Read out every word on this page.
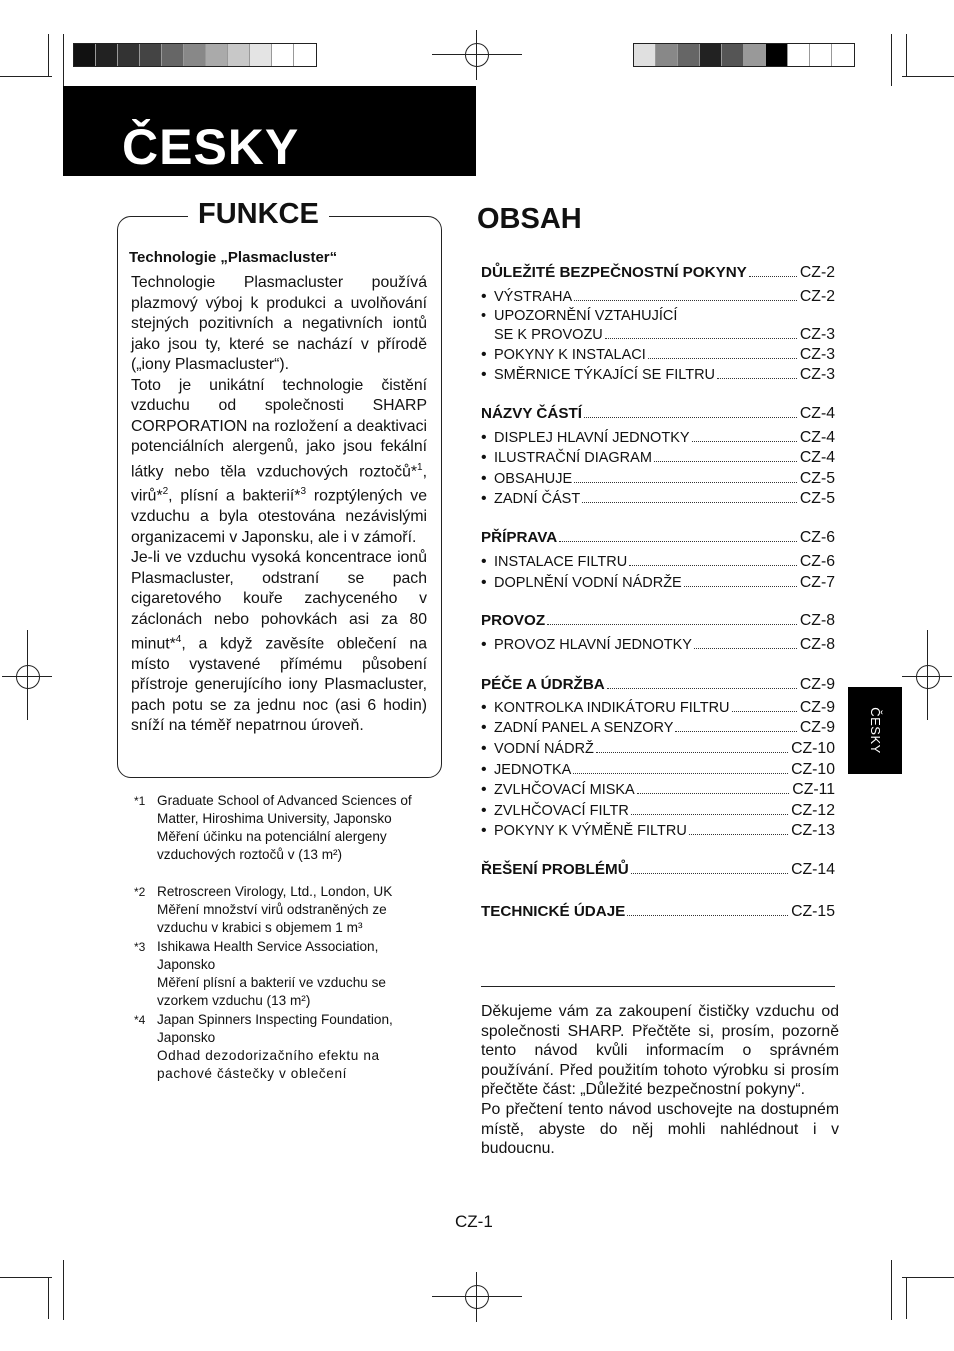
ČESKY
FUNKCE
Technologie „Plasmacluster“

Technologie Plasmacluster používá plazmový výboj k produkci a uvolňování stejných pozitivních a negativních iontů jako jsou ty, které se nachází v přírodě („iony Plasmacluster“).

Toto je unikátní technologie čistění vzduchu od společnosti SHARP CORPORATION na rozložení a deaktivaci potenciálních alergenů, jako jsou fekální látky nebo těla vzduchových roztočů*$^1$, virů*$^2$, plísní a bakterií*$^3$ rozptýlených ve vzduchu a byla otestována nezávislými organizacemi v Japonsku, ale i v zámoří.

Je-li ve vzduchu vysoká koncentrace ionů Plasmacluster, odstraní se pach cigaretového kouře zachyceného v záclonách nebo pohovkách asi za 80 minut*$^4$, a když zavěsíte oblečení na místo vystavené přímému působení přístroje generujícího iony Plasmacluster, pach potu se za jednu noc (asi 6 hodin) sníží na téměř nepatrnou úroveň.

*1 Graduate School of Advanced Sciences of Matter, Hiroshima University, Japonsko

Měření účinku na potenciální alergeny vzduchových roztočů v (13 m²)

*2 Retroscreen Virology, Ltd., London, UK

Měření množství virů odstraněných ze vzduchu v krabici s objemem 1 m³

*3 Ishikawa Health Service Association, Japonsko

Měření plísní a bakterií ve vzduchu se vzorkem vzduchu (13 m²)

*4 Japan Spinners Inspecting Foundation, Japonsko

Odhad dezodorizačního efektu na pachové částečky v oblečení

OBSAH
DŮLEŽITÉ BEZPEČNOSTNÍ POKYNY	CZ-2
• VÝSTRAHA	CZ-2
• UPOZORNĚNÍ VZTAHUJÍCÍ
SE K PROVOZU	CZ-3
• POKYNY K INSTALACI	CZ-3
• SMĚRNICE TÝKAJÍCÍ SE FILTRU	CZ-3
NÁZVY ČÁSTÍ	CZ-4
• DISPLEJ HLAVNÍ JEDNOTKY	CZ-4
• ILUSTRAČNÍ DIAGRAM	CZ-4
• OBSAHUJE	CZ-5
• ZADNÍ ČÁST	CZ-5
PŘÍPRAVA	CZ-6
• INSTALACE FILTRU	CZ-6
• DOPLNĚNÍ VODNÍ NÁDRŽE	CZ-7
PROVOZ	CZ-8
• PROVOZ HLAVNÍ JEDNOTKY	CZ-8
PÉČE A ÚDRŽBA	CZ-9
• KONTROLKA INDIKÁTORU FILTRU	CZ-9
• ZADNÍ PANEL A SENZORY	CZ-9
• VODNÍ NÁDRŽ	CZ-10
• JEDNOTKA	CZ-10
• ZVLHČOVACÍ MISKA	CZ-11
• ZVLHČOVACÍ FILTR	CZ-12
• POKYNY K VÝMĚNĚ FILTRU	CZ-13
ŘEŠENÍ PROBLÉMŮ	CZ-14
TECHNICKÉ ÚDAJE	CZ-15

Děkujeme vám za zakoupení čističky vzduchu od společnosti SHARP. Přečtěte si, prosím, pozorně tento návod kvůli informacím o správném používání. Před použitím tohoto výrobku si prosím přečtěte část: „Důležité bezpečnostní pokyny“.

Po přečtení tento návod uschovejte na dostupném místě, abyste do něj mohli nahlédnout i v budoucnu.

ČESKY
CZ-1
